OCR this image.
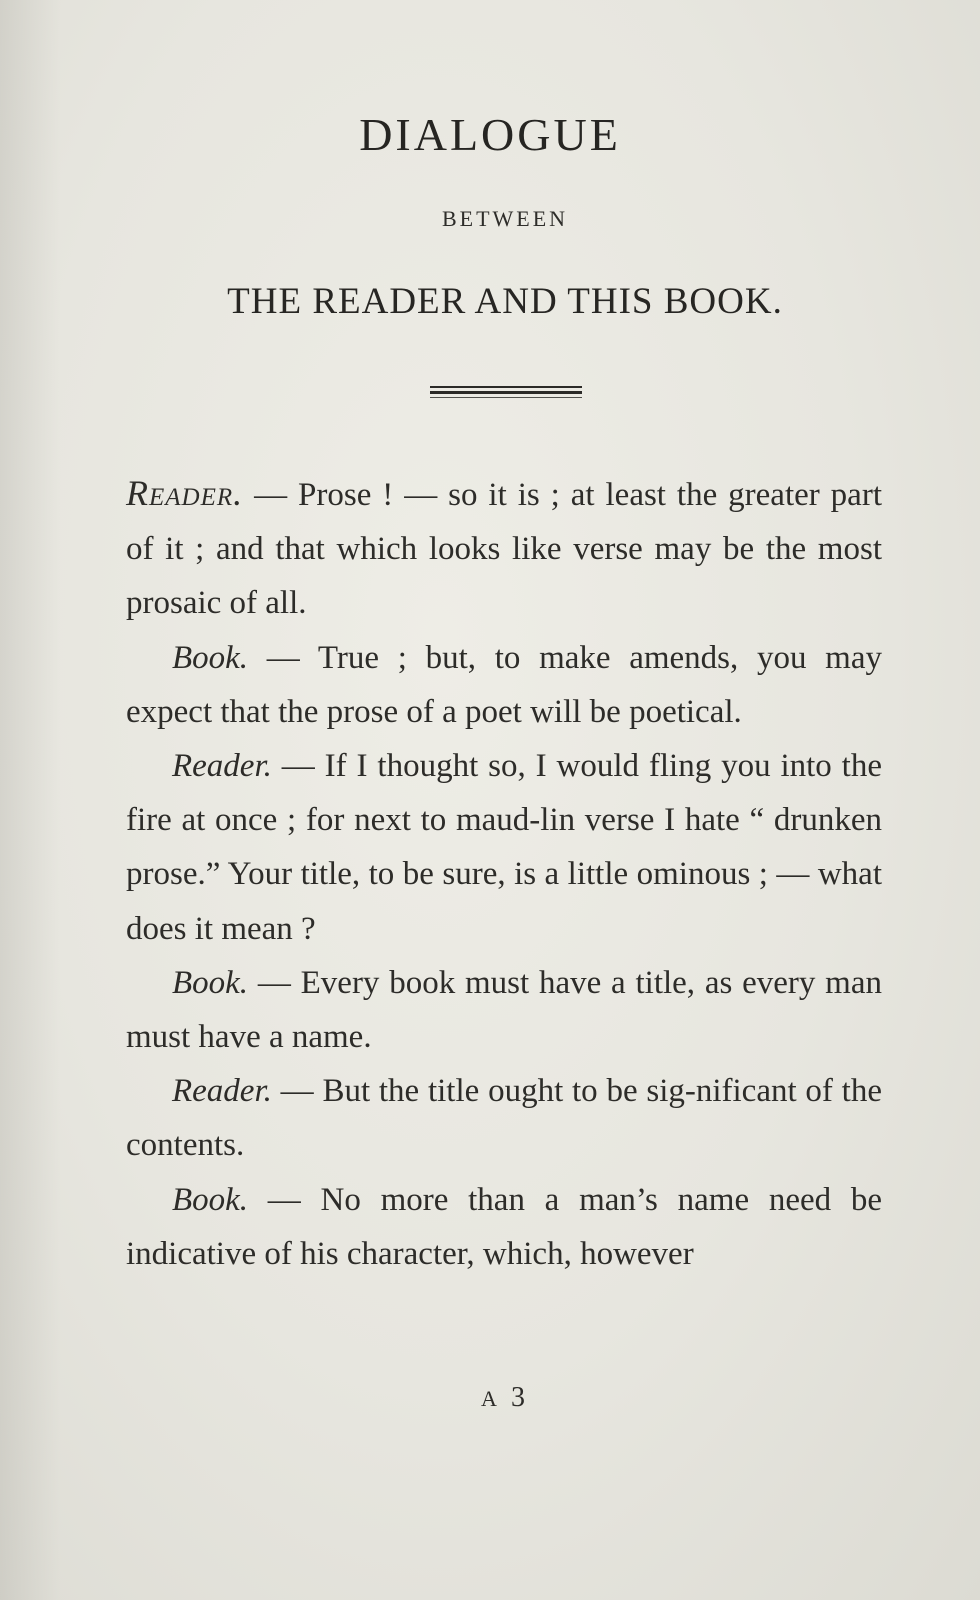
DIALOGUE
BETWEEN
THE READER AND THIS BOOK.

Reader. — Prose ! — so it is ; at least the greater part of it ; and that which looks like verse may be the most prosaic of all.

Book. — True ; but, to make amends, you may expect that the prose of a poet will be poetical.

Reader. — If I thought so, I would fling you into the fire at once ; for next to maud-lin verse I hate “ drunken prose.” Your title, to be sure, is a little ominous ; — what does it mean ?

Book. — Every book must have a title, as every man must have a name.

Reader. — But the title ought to be sig-nificant of the contents.

Book. — No more than a man’s name need be indicative of his character, which, however

A3
